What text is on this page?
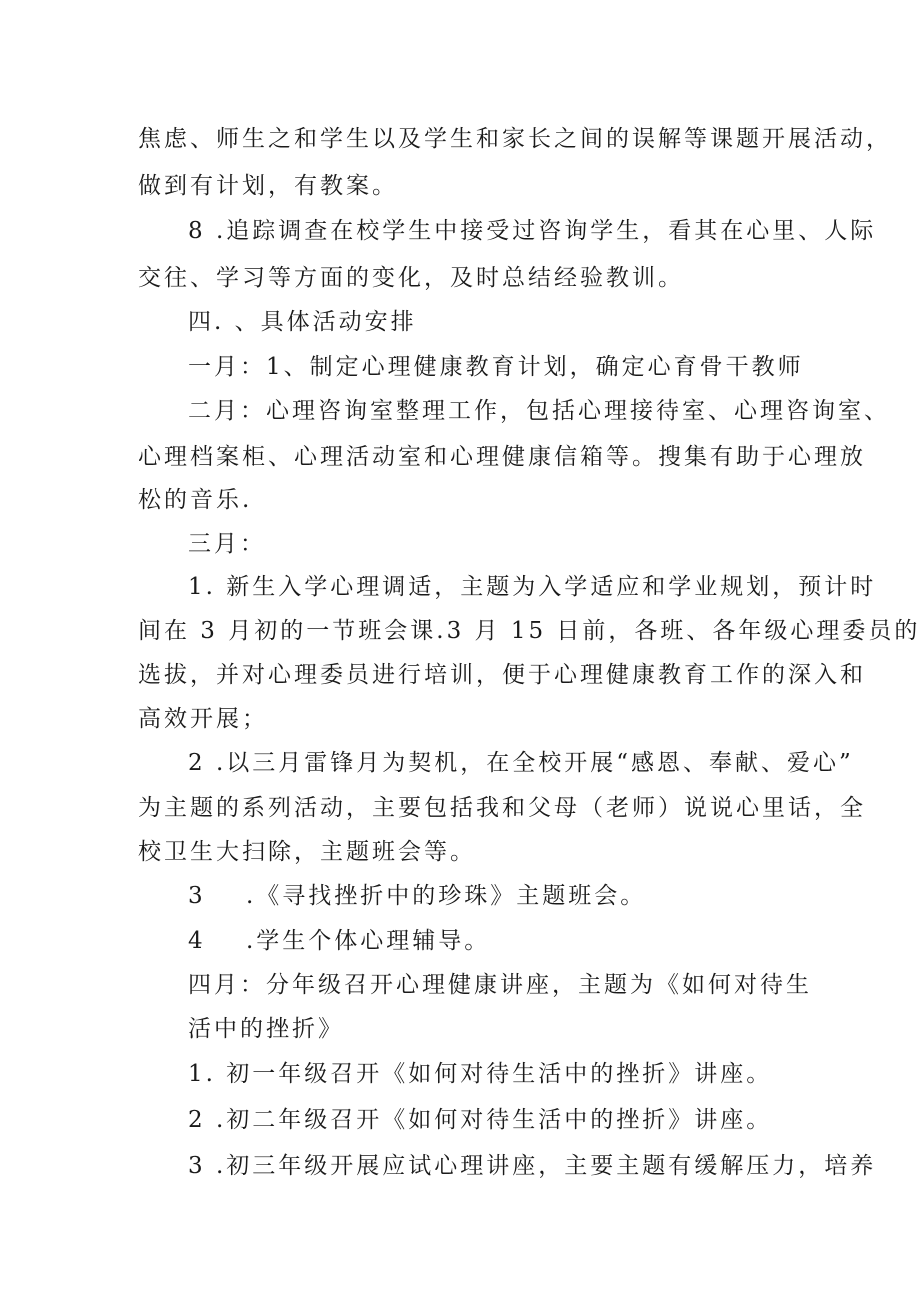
焦虑、师生之和学生以及学生和家长之间的误解等课题开展活动，
做到有计划，有教案。
8 .追踪调查在校学生中接受过咨询学生，看其在心里、人际
交往、学习等方面的变化，及时总结经验教训。
四. 、具体活动安排
一月：1、制定心理健康教育计划，确定心育骨干教师
二月：心理咨询室整理工作，包括心理接待室、心理咨询室、
心理档案柜、心理活动室和心理健康信箱等。搜集有助于心理放
松的音乐.
三月：
1. 新生入学心理调适，主题为入学适应和学业规划，预计时
间在 3 月初的一节班会课.3 月 15 日前，各班、各年级心理委员的
选拔，并对心理委员进行培训，便于心理健康教育工作的深入和
高效开展；
2 .以三月雷锋月为契机，在全校开展“感恩、奉献、爱心”
为主题的系列活动，主要包括我和父母（老师）说说心里话，全
校卫生大扫除，主题班会等。
3 .《寻找挫折中的珍珠》主题班会。
4 .学生个体心理辅导。
四月：分年级召开心理健康讲座，主题为《如何对待生
活中的挫折》
1. 初一年级召开《如何对待生活中的挫折》讲座。
2 .初二年级召开《如何对待生活中的挫折》讲座。
3 .初三年级开展应试心理讲座，主要主题有缓解压力，培养
